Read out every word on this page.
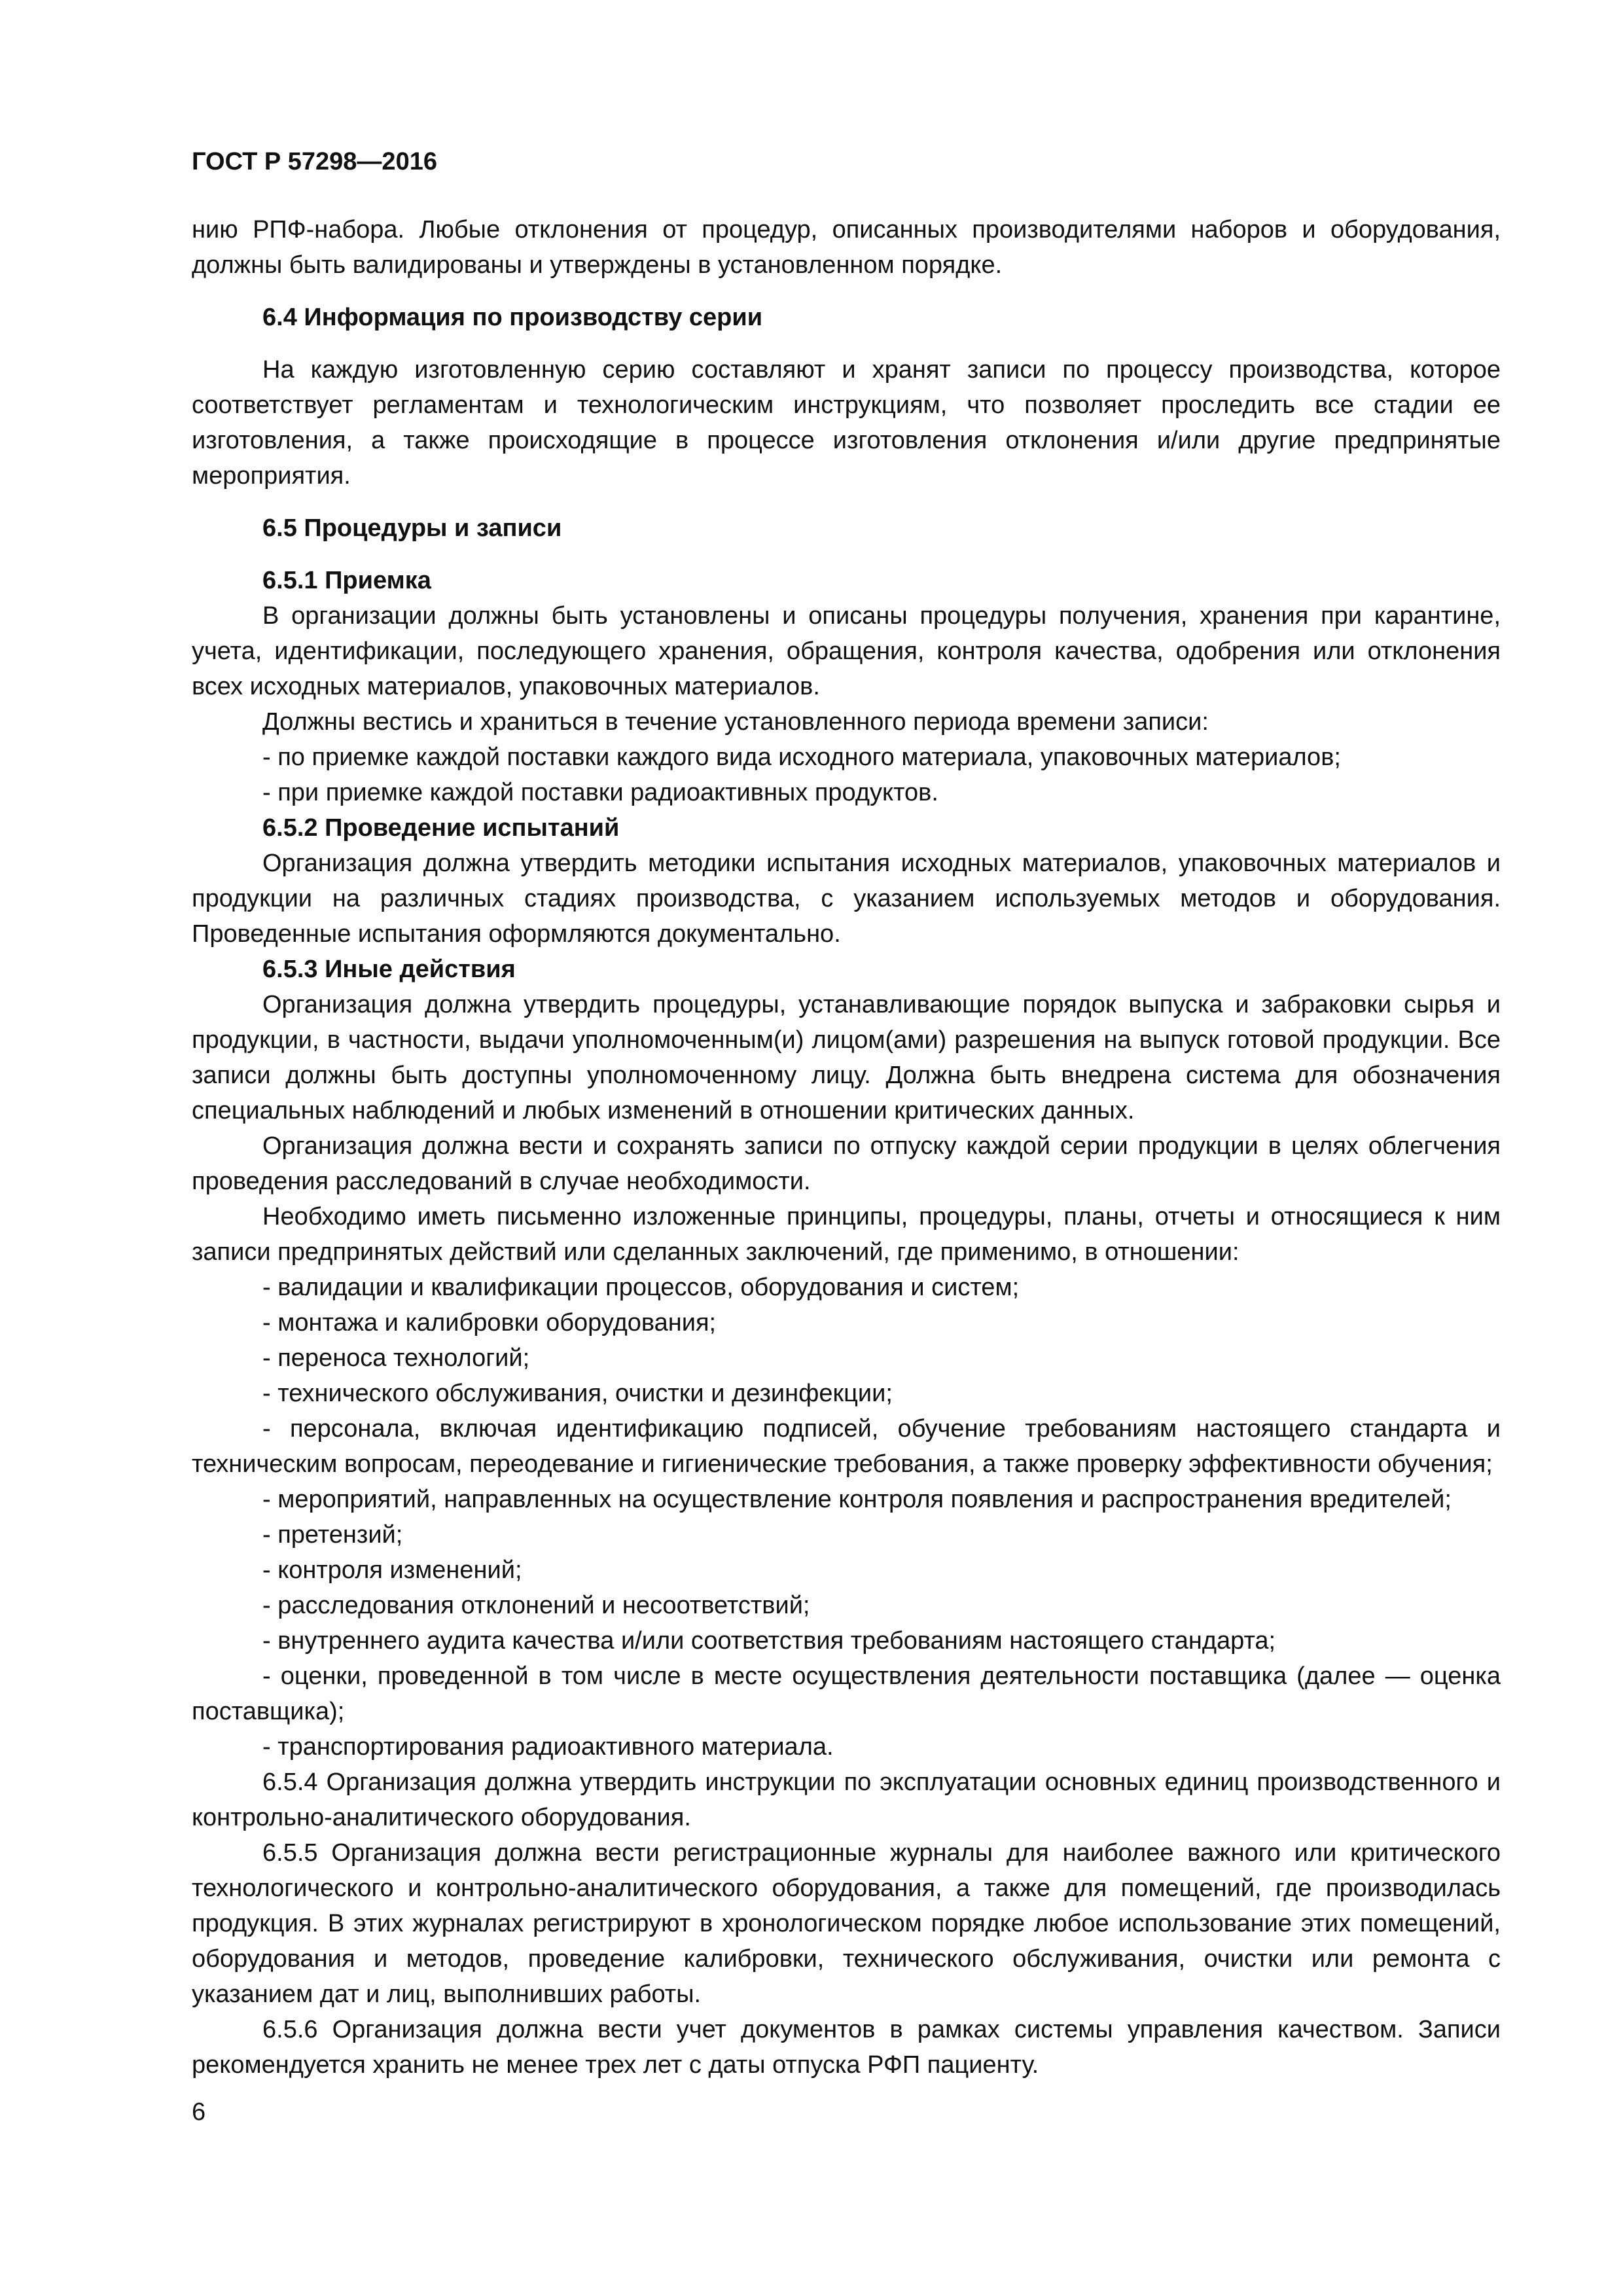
ГОСТ Р 57298—2016

нию РПФ-набора. Любые отклонения от процедур, описанных производителями наборов и оборудования, должны быть валидированы и утверждены в установленном порядке.

6.4 Информация по производству серии

На каждую изготовленную серию составляют и хранят записи по процессу производства, которое соответствует регламентам и технологическим инструкциям, что позволяет проследить все стадии ее изготовления, а также происходящие в процессе изготовления отклонения и/или другие предпринятые мероприятия.

6.5 Процедуры и записи
6.5.1 Приемка

В организации должны быть установлены и описаны процедуры получения, хранения при карантине, учета, идентификации, последующего хранения, обращения, контроля качества, одобрения или отклонения всех исходных материалов, упаковочных материалов.

Должны вестись и храниться в течение установленного периода времени записи:

- по приемке каждой поставки каждого вида исходного материала, упаковочных материалов;

- при приемке каждой поставки радиоактивных продуктов.

6.5.2 Проведение испытаний

Организация должна утвердить методики испытания исходных материалов, упаковочных материалов и продукции на различных стадиях производства, с указанием используемых методов и оборудования. Проведенные испытания оформляются документально.

6.5.3 Иные действия

Организация должна утвердить процедуры, устанавливающие порядок выпуска и забраковки сырья и продукции, в частности, выдачи уполномоченным(и) лицом(ами) разрешения на выпуск готовой продукции. Все записи должны быть доступны уполномоченному лицу. Должна быть внедрена система для обозначения специальных наблюдений и любых изменений в отношении критических данных.

Организация должна вести и сохранять записи по отпуску каждой серии продукции в целях облегчения проведения расследований в случае необходимости.

Необходимо иметь письменно изложенные принципы, процедуры, планы, отчеты и относящиеся к ним записи предпринятых действий или сделанных заключений, где применимо, в отношении:

- валидации и квалификации процессов, оборудования и систем;

- монтажа и калибровки оборудования;

- переноса технологий;

- технического обслуживания, очистки и дезинфекции;

- персонала, включая идентификацию подписей, обучение требованиям настоящего стандарта и техническим вопросам, переодевание и гигиенические требования, а также проверку эффективности обучения;

- мероприятий, направленных на осуществление контроля появления и распространения вредителей;

- претензий;

- контроля изменений;

- расследования отклонений и несоответствий;

- внутреннего аудита качества и/или соответствия требованиям настоящего стандарта;

- оценки, проведенной в том числе в месте осуществления деятельности поставщика (далее — оценка поставщика);

- транспортирования радиоактивного материала.

6.5.4 Организация должна утвердить инструкции по эксплуатации основных единиц производственного и контрольно-аналитического оборудования.

6.5.5 Организация должна вести регистрационные журналы для наиболее важного или критического технологического и контрольно-аналитического оборудования, а также для помещений, где производилась продукция. В этих журналах регистрируют в хронологическом порядке любое использование этих помещений, оборудования и методов, проведение калибровки, технического обслуживания, очистки или ремонта с указанием дат и лиц, выполнивших работы.

6.5.6 Организация должна вести учет документов в рамках системы управления качеством. Записи рекомендуется хранить не менее трех лет с даты отпуска РФП пациенту.

6
